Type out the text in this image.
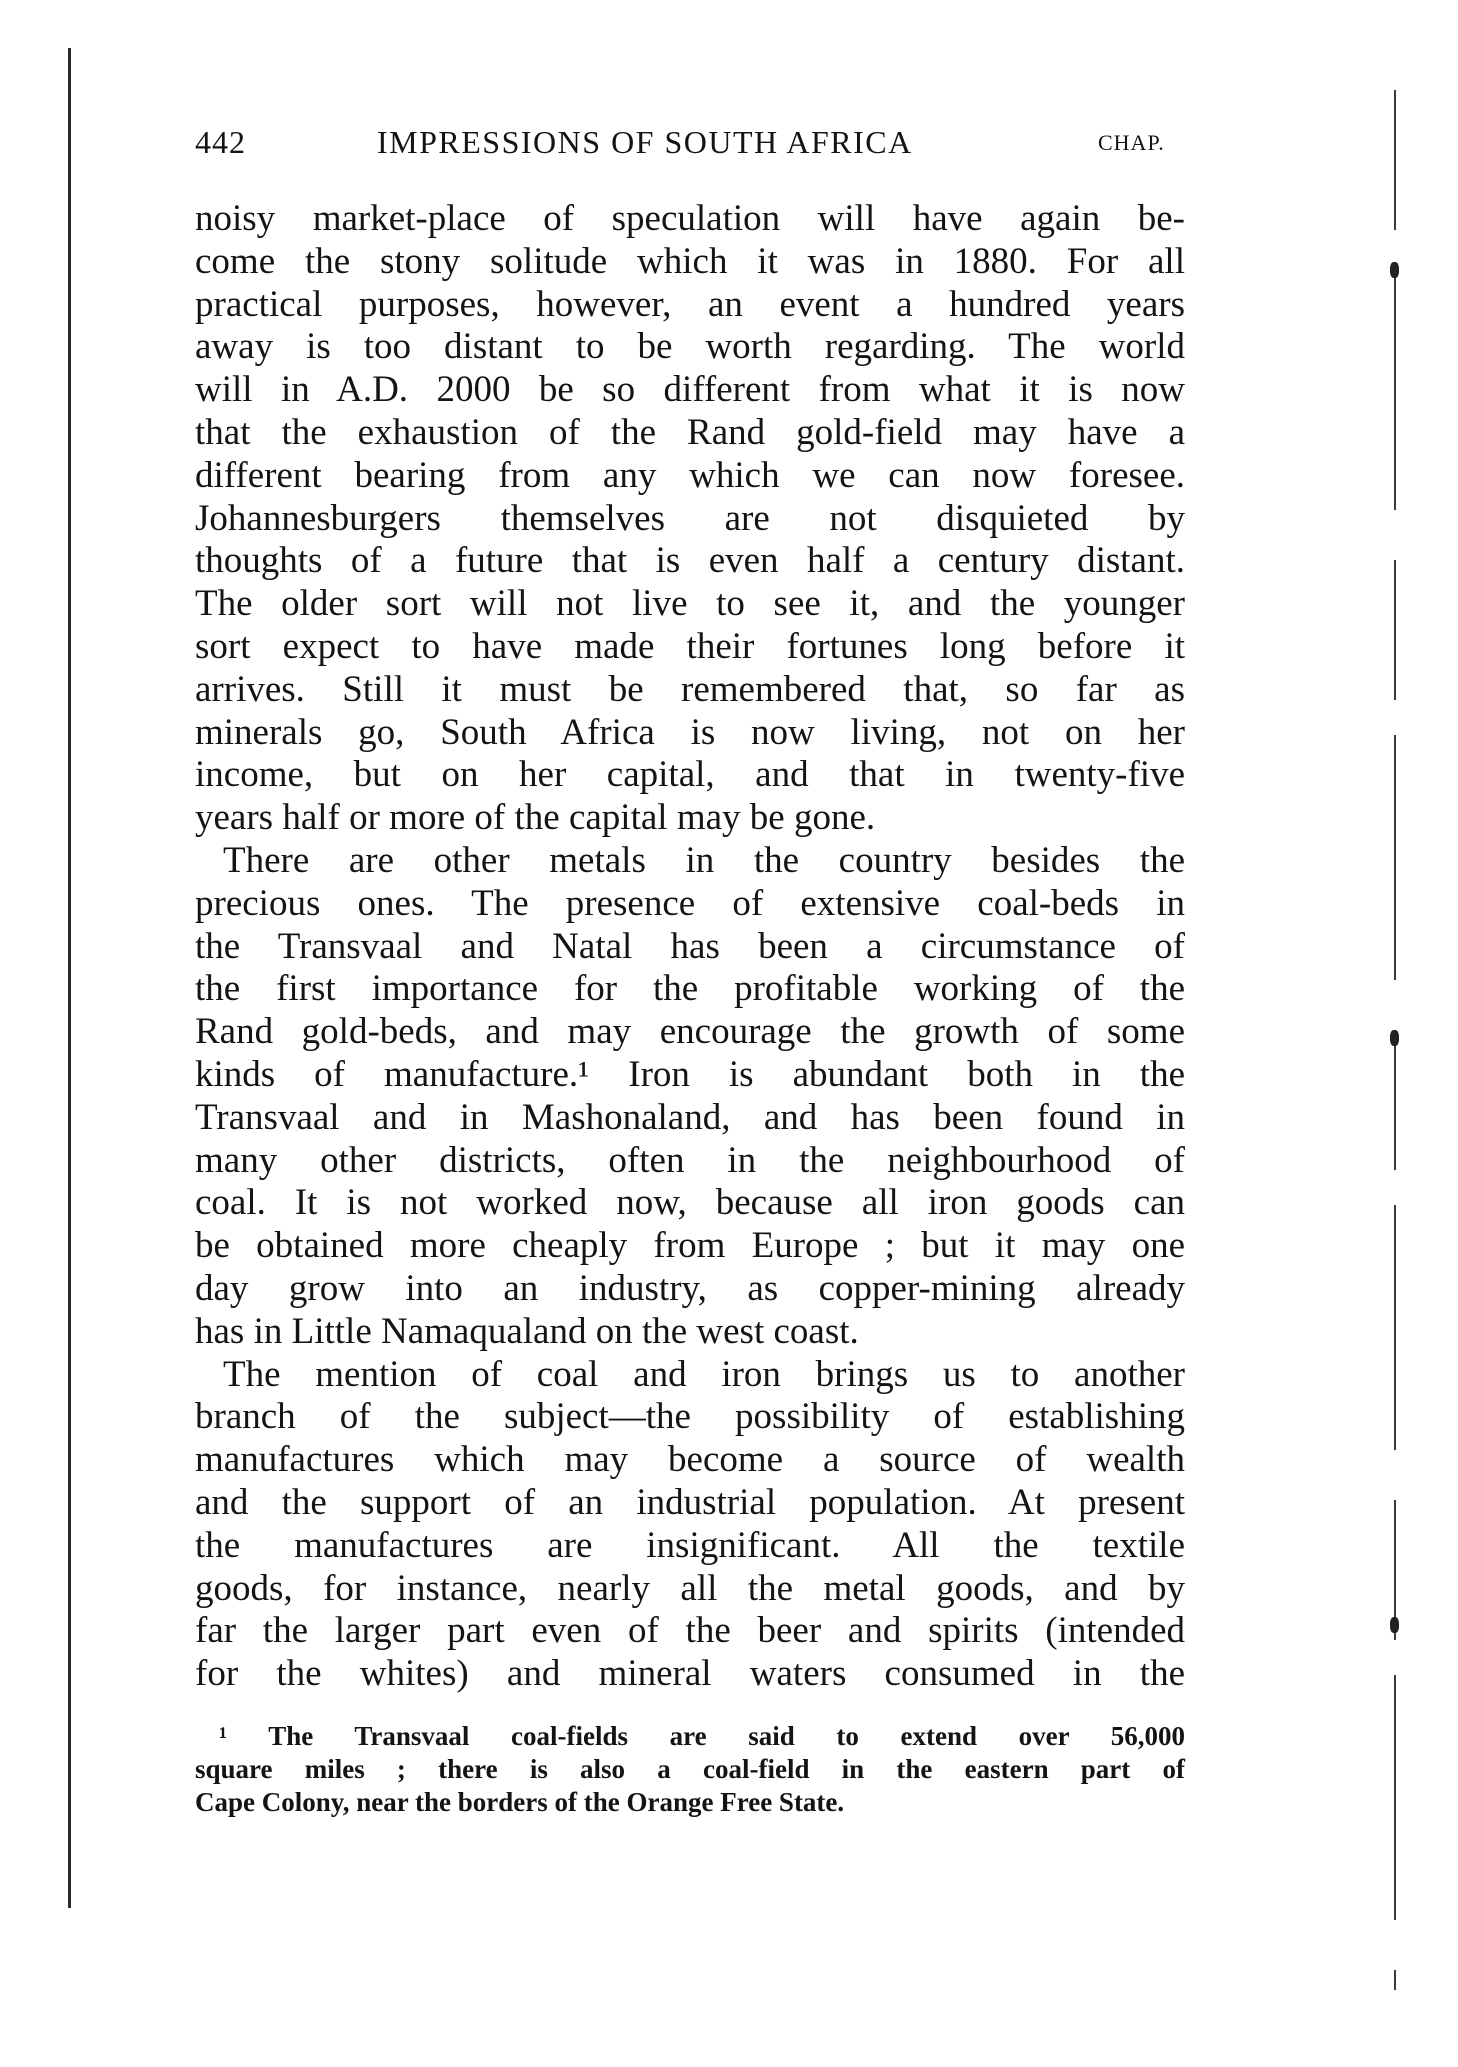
442	IMPRESSIONS OF SOUTH AFRICA	CHAP.
noisy market-place of speculation will have again be-
come the stony solitude which it was in 1880. For all
practical purposes, however, an event a hundred years
away is too distant to be worth regarding. The world
will in A.D. 2000 be so different from what it is now
that the exhaustion of the Rand gold-field may have a
different bearing from any which we can now foresee.
Johannesburgers themselves are not disquieted by
thoughts of a future that is even half a century distant.
The older sort will not live to see it, and the younger
sort expect to have made their fortunes long before it
arrives. Still it must be remembered that, so far as
minerals go, South Africa is now living, not on her
income, but on her capital, and that in twenty-five
years half or more of the capital may be gone.
There are other metals in the country besides the
precious ones. The presence of extensive coal-beds in
the Transvaal and Natal has been a circumstance of
the first importance for the profitable working of the
Rand gold-beds, and may encourage the growth of some
kinds of manufacture.¹ Iron is abundant both in the
Transvaal and in Mashonaland, and has been found in
many other districts, often in the neighbourhood of
coal. It is not worked now, because all iron goods can
be obtained more cheaply from Europe ; but it may one
day grow into an industry, as copper-mining already
has in Little Namaqualand on the west coast.
The mention of coal and iron brings us to another
branch of the subject—the possibility of establishing
manufactures which may become a source of wealth
and the support of an industrial population. At present
the manufactures are insignificant. All the textile
goods, for instance, nearly all the metal goods, and by
far the larger part even of the beer and spirits (intended
for the whites) and mineral waters consumed in the
¹ The Transvaal coal-fields are said to extend over 56,000
square miles ; there is also a coal-field in the eastern part of
Cape Colony, near the borders of the Orange Free State.
